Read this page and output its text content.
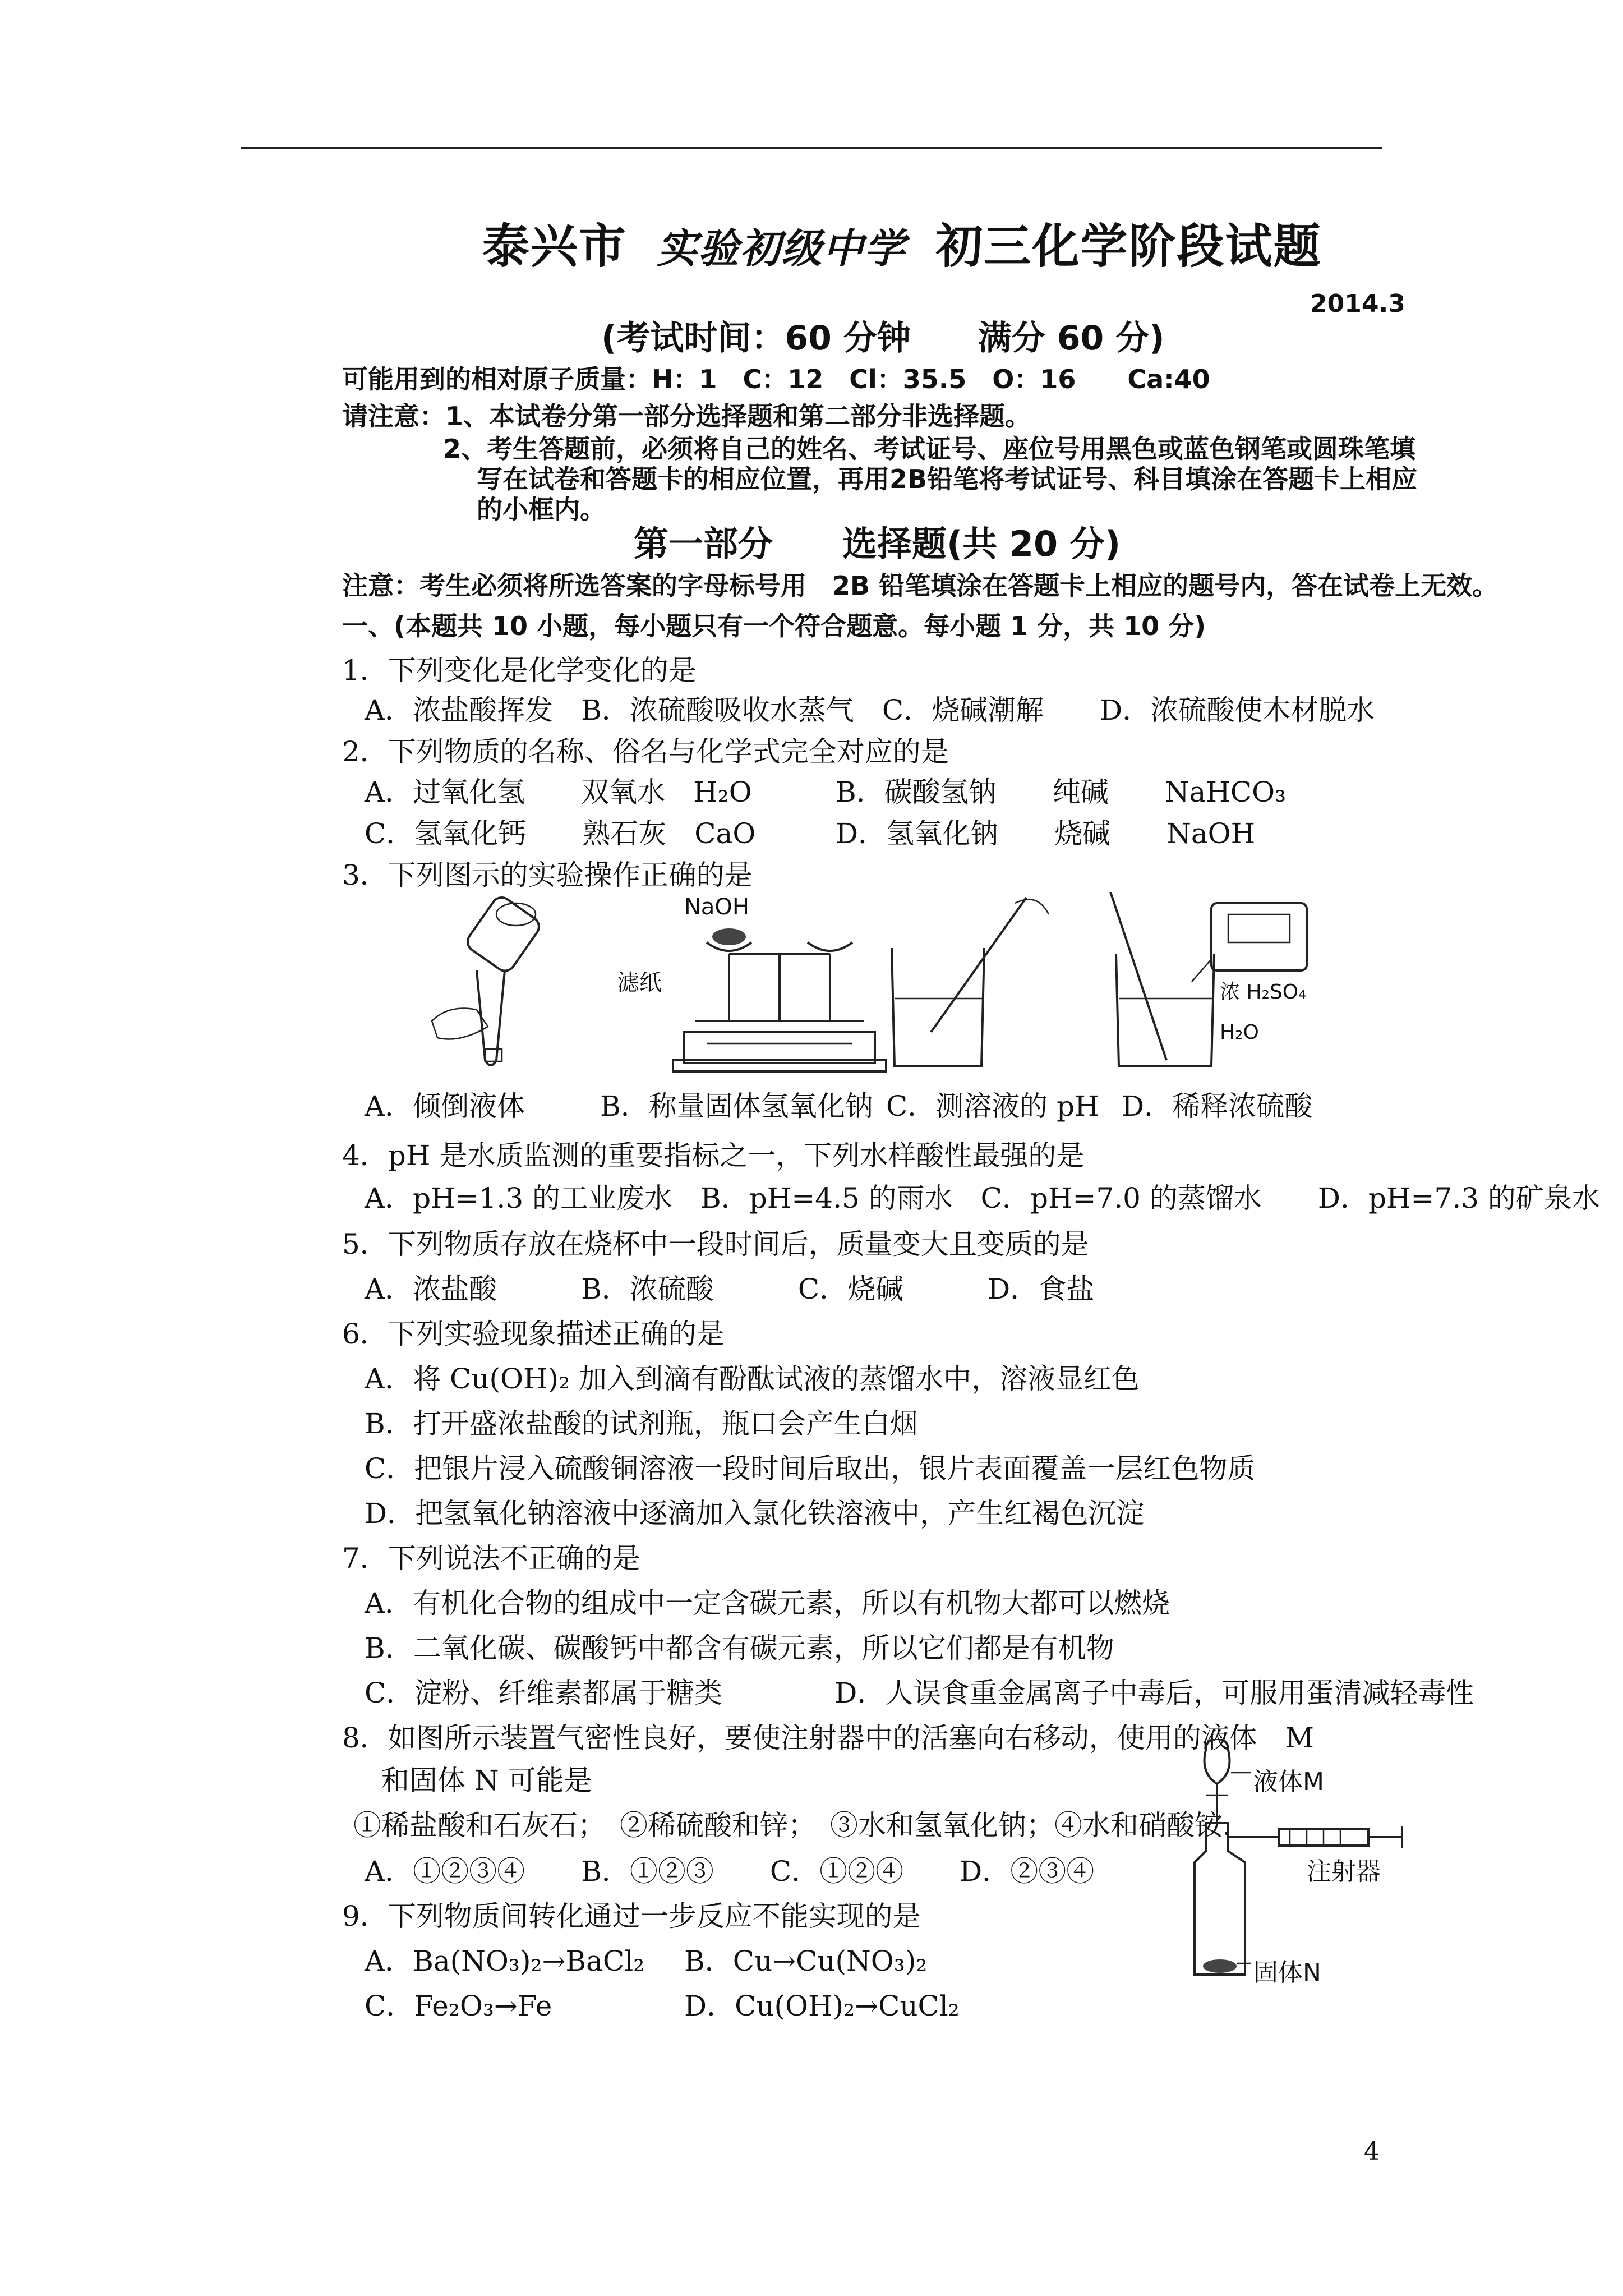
泰兴市 实验初级中学 初三化学阶段试题
2014.3
(考试时间：60 分钟　　满分 60 分)
可能用到的相对原子质量：H：1　C：12　Cl：35.5　O：16　　Ca:40
请注意：1、本试卷分第一部分选择题和第二部分非选择题。
2、考生答题前，必须将自己的姓名、考试证号、座位号用黑色或蓝色钢笔或圆珠笔填
写在试卷和答题卡的相应位置，再用2B铅笔将考试证号、科目填涂在答题卡上相应
的小框内。
第一部分　　选择题(共 20 分)
注意：考生必须将所选答案的字母标号用　2B 铅笔填涂在答题卡上相应的题号内，答在试卷上无效。
一、(本题共 10 小题，每小题只有一个符合题意。每小题 1 分，共 10 分)
1．下列变化是化学变化的是
A．浓盐酸挥发　B．浓硫酸吸收水蒸气　C．烧碱潮解　　D．浓硫酸使木材脱水
2．下列物质的名称、俗名与化学式完全对应的是
A．过氧化氢　　双氧水　H₂O	B．碳酸氢钠　　纯碱　　NaHCO₃
C．氢氧化钙　　熟石灰　CaO	D．氢氧化钠　　烧碱　　NaOH
3．下列图示的实验操作正确的是
NaOH
滤纸	浓 H₂SO₄
H₂O
A．倾倒液体	B．称量固体氢氧化钠 C．测溶液的 pH D．稀释浓硫酸
4．pH 是水质监测的重要指标之一，下列水样酸性最强的是
A．pH=1.3 的工业废水　B．pH=4.5 的雨水　C．pH=7.0 的蒸馏水　　D．pH=7.3 的矿泉水
5．下列物质存放在烧杯中一段时间后，质量变大且变质的是
A．浓盐酸　　　B．浓硫酸　　　C．烧碱　　　D．食盐
6．下列实验现象描述正确的是
A．将 Cu(OH)₂ 加入到滴有酚酞试液的蒸馏水中，溶液显红色
B．打开盛浓盐酸的试剂瓶，瓶口会产生白烟
C．把银片浸入硫酸铜溶液一段时间后取出，银片表面覆盖一层红色物质
D．把氢氧化钠溶液中逐滴加入氯化铁溶液中，产生红褐色沉淀
7．下列说法不正确的是
A．有机化合物的组成中一定含碳元素，所以有机物大都可以燃烧
B．二氧化碳、碳酸钙中都含有碳元素，所以它们都是有机物
C．淀粉、纤维素都属于糖类　　　　D．人误食重金属离子中毒后，可服用蛋清减轻毒性
8．如图所示装置气密性良好，要使注射器中的活塞向右移动，使用的液体　M
和固体 N 可能是
①稀盐酸和石灰石；　②稀硫酸和锌；　③水和氢氧化钠；④水和硝酸铵．
A．①②③④　　B．①②③　　C．①②④　　D．②③④
液体M
注射器
固体N
9．下列物质间转化通过一步反应不能实现的是
A．Ba(NO₃)₂→BaCl₂ B．Cu→Cu(NO₃)₂
C．Fe₂O₃→Fe	D．Cu(OH)₂→CuCl₂
4
